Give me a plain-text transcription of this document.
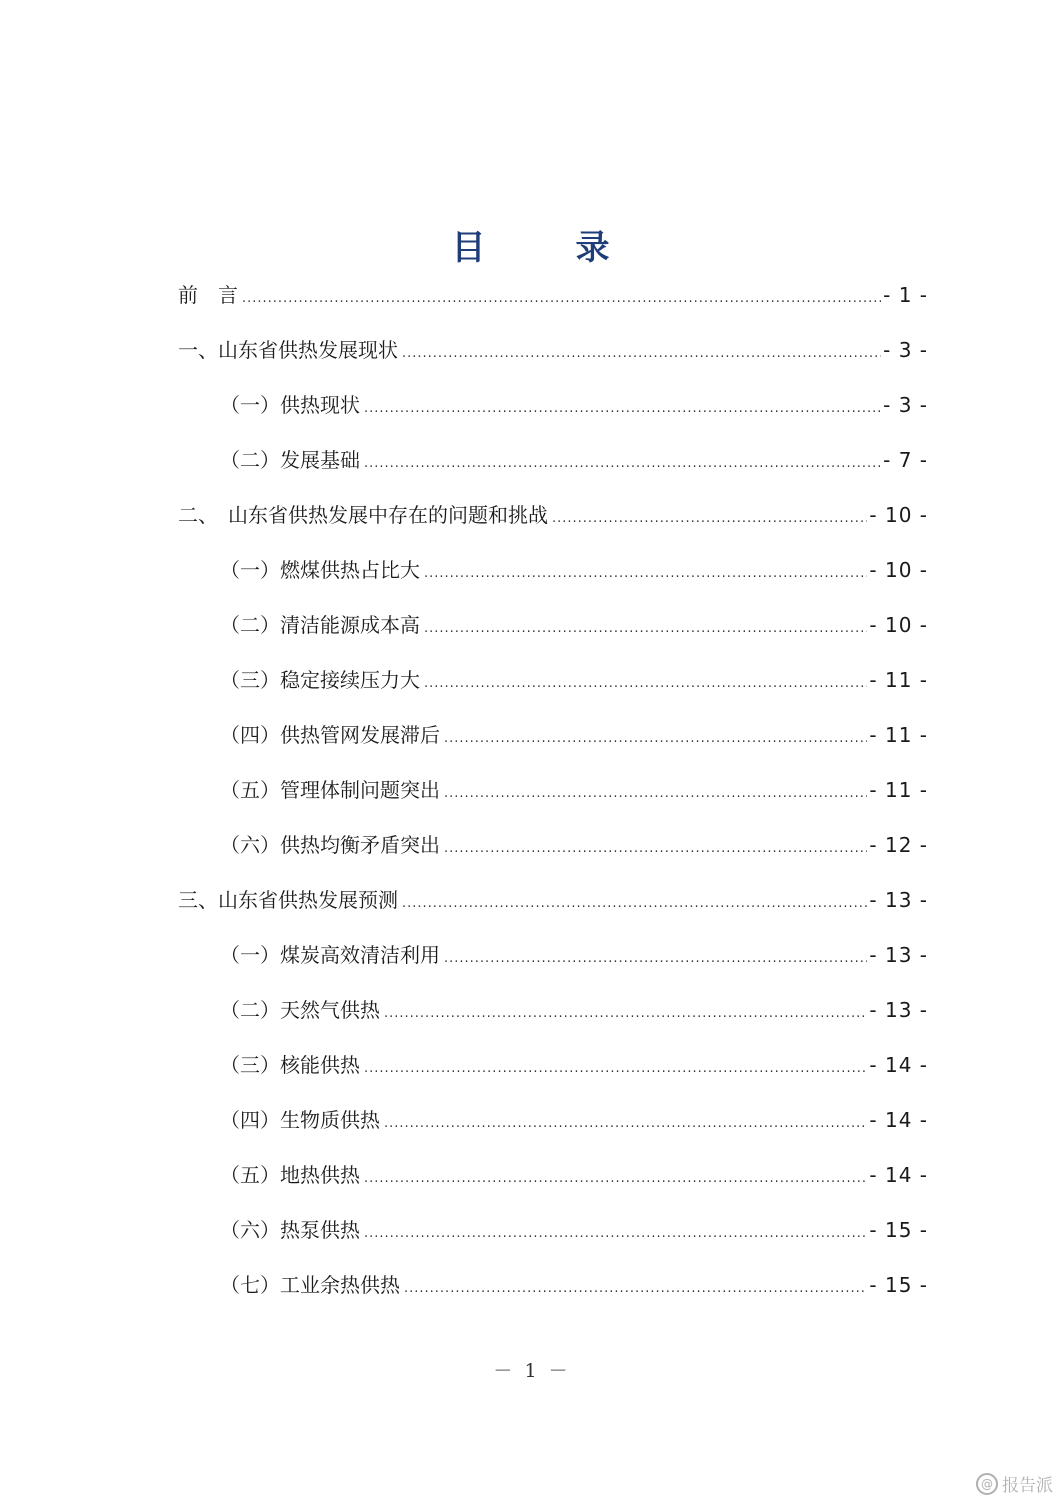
目　录
前　言 .....	- 1 -
一、山东省供热发展现状 .....	- 3 -
（一）供热现状 .....	- 3 -
（二）发展基础 .....	- 7 -
二、　山东省供热发展中存在的问题和挑战 .....	- 10 -
（一）燃煤供热占比大 .....	- 10 -
（二）清洁能源成本高 .....	- 10 -
（三）稳定接续压力大 .....	- 11 -
（四）供热管网发展滞后 .....	- 11 -
（五）管理体制问题突出 .....	- 11 -
（六）供热均衡矛盾突出 .....	- 12 -
三、山东省供热发展预测 .....	- 13 -
（一）煤炭高效清洁利用 .....	- 13 -
（二）天然气供热 .....	- 13 -
（三）核能供热 .....	- 14 -
（四）生物质供热 .....	- 14 -
（五）地热供热 .....	- 14 -
（六）热泵供热 .....	- 15 -
（七）工业余热供热 .....	- 15 -
－ 1 －
@ 报告派
